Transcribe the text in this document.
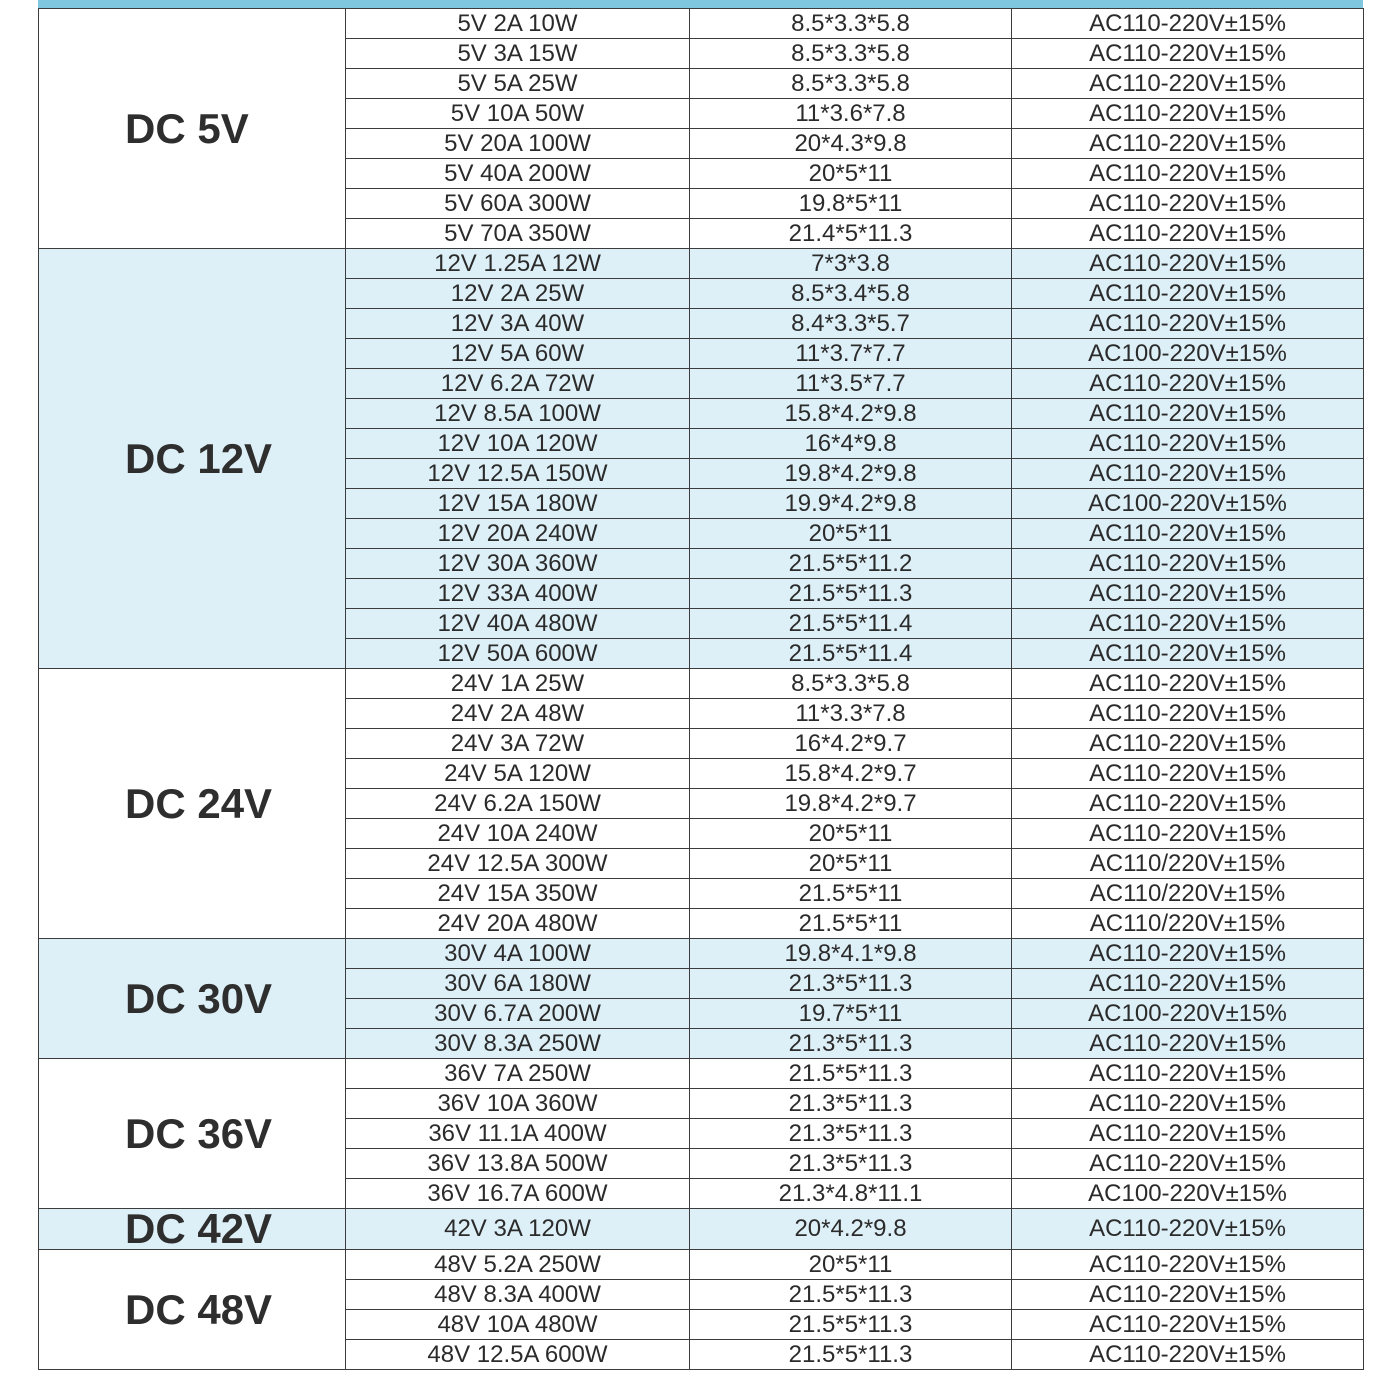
DC 5V	5V 2A 10W	8.5*3.3*5.8	AC110-220V±15%
	5V 3A 15W	8.5*3.3*5.8	AC110-220V±15%
	5V 5A 25W	8.5*3.3*5.8	AC110-220V±15%
	5V 10A 50W	11*3.6*7.8	AC110-220V±15%
	5V 20A 100W	20*4.3*9.8	AC110-220V±15%
	5V 40A 200W	20*5*11	AC110-220V±15%
	5V 60A 300W	19.8*5*11	AC110-220V±15%
	5V 70A 350W	21.4*5*11.3	AC110-220V±15%
DC 12V	12V 1.25A 12W	7*3*3.8	AC110-220V±15%
	12V 2A 25W	8.5*3.4*5.8	AC110-220V±15%
	12V 3A 40W	8.4*3.3*5.7	AC110-220V±15%
	12V 5A 60W	11*3.7*7.7	AC100-220V±15%
	12V 6.2A 72W	11*3.5*7.7	AC110-220V±15%
	12V 8.5A 100W	15.8*4.2*9.8	AC110-220V±15%
	12V 10A 120W	16*4*9.8	AC110-220V±15%
	12V 12.5A 150W	19.8*4.2*9.8	AC110-220V±15%
	12V 15A 180W	19.9*4.2*9.8	AC100-220V±15%
	12V 20A 240W	20*5*11	AC110-220V±15%
	12V 30A 360W	21.5*5*11.2	AC110-220V±15%
	12V 33A 400W	21.5*5*11.3	AC110-220V±15%
	12V 40A 480W	21.5*5*11.4	AC110-220V±15%
	12V 50A 600W	21.5*5*11.4	AC110-220V±15%
DC 24V	24V 1A 25W	8.5*3.3*5.8	AC110-220V±15%
	24V 2A 48W	11*3.3*7.8	AC110-220V±15%
	24V 3A 72W	16*4.2*9.7	AC110-220V±15%
	24V 5A 120W	15.8*4.2*9.7	AC110-220V±15%
	24V 6.2A 150W	19.8*4.2*9.7	AC110-220V±15%
	24V 10A 240W	20*5*11	AC110-220V±15%
	24V 12.5A 300W	20*5*11	AC110/220V±15%
	24V 15A 350W	21.5*5*11	AC110/220V±15%
	24V 20A 480W	21.5*5*11	AC110/220V±15%
DC 30V	30V 4A 100W	19.8*4.1*9.8	AC110-220V±15%
	30V 6A 180W	21.3*5*11.3	AC110-220V±15%
	30V 6.7A 200W	19.7*5*11	AC100-220V±15%
	30V 8.3A 250W	21.3*5*11.3	AC110-220V±15%
DC 36V	36V 7A 250W	21.5*5*11.3	AC110-220V±15%
	36V 10A 360W	21.3*5*11.3	AC110-220V±15%
	36V 11.1A 400W	21.3*5*11.3	AC110-220V±15%
	36V 13.8A 500W	21.3*5*11.3	AC110-220V±15%
	36V 16.7A 600W	21.3*4.8*11.1	AC100-220V±15%
DC 42V	42V 3A 120W	20*4.2*9.8	AC110-220V±15%
DC 48V	48V 5.2A 250W	20*5*11	AC110-220V±15%
	48V 8.3A 400W	21.5*5*11.3	AC110-220V±15%
	48V 10A 480W	21.5*5*11.3	AC110-220V±15%
	48V 12.5A 600W	21.5*5*11.3	AC110-220V±15%
